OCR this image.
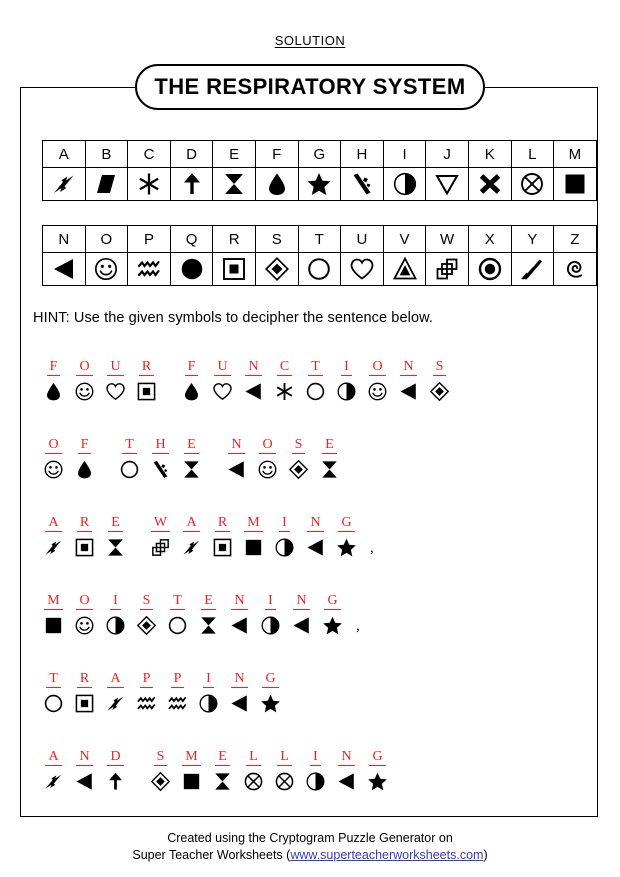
SOLUTION
THE RESPIRATORY SYSTEM
A	B	C	D	E	F	G	H	I	J	K	L	M

N	O	P	Q	R	S	T	U	V	W	X	Y	Z

HINT: Use the given symbols to decipher the sentence below.
F O U R	F U N C T I O N S
O F	T H E	N O S E
A R E W A R M I N G
,
M O I S T E N I N G
,
T R A P P I N G
A N D	S M E L L I N G
Created using the Cryptogram Puzzle Generator on
Super Teacher Worksheets (www.superteacherworksheets.com)
